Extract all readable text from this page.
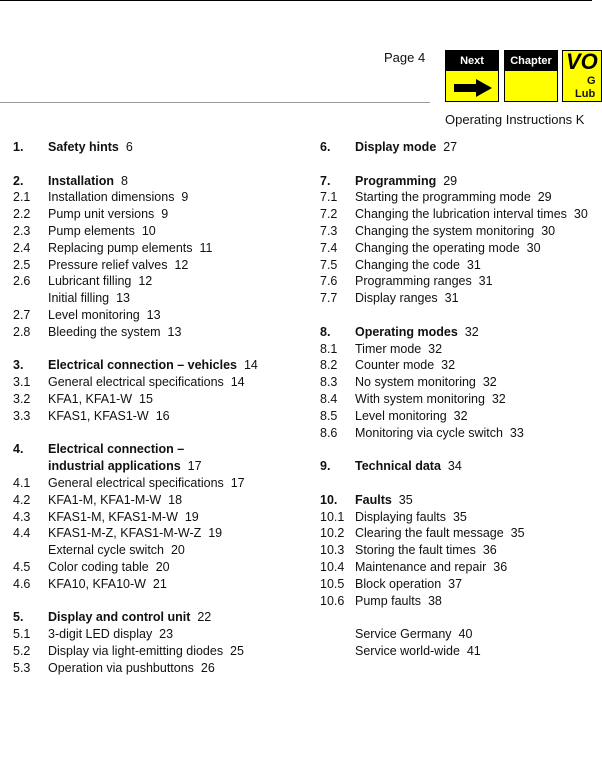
Page 4	Next	Chapter VO
G
Lub
Operating Instructions K
1. Safety hints 6
2. Installation 8
2.1 Installation dimensions 9
2.2 Pump unit versions 9
2.3 Pump elements 10
2.4 Replacing pump elements 11
2.5 Pressure relief valves 12
2.6 Lubricant filling 12
Initial filling 13
2.7 Level monitoring 13
2.8 Bleeding the system 13
3. Electrical connection – vehicles 14
3.1 General electrical specifications 14
3.2 KFA1, KFA1-W 15
3.3 KFAS1, KFAS1-W 16
4. Electrical connection –
industrial applications 17
4.1 General electrical specifications 17
4.2 KFA1-M, KFA1-M-W 18
4.3 KFAS1-M, KFAS1-M-W 19
4.4 KFAS1-M-Z, KFAS1-M-W-Z 19
External cycle switch 20
4.5 Color coding table 20
4.6 KFA10, KFA10-W 21
5. Display and control unit 22
5.1 3-digit LED display 23
5.2 Display via light-emitting diodes 25
5.3 Operation via pushbuttons 26
6. Display mode 27
7. Programming 29
7.1 Starting the programming mode 29
7.2 Changing the lubrication interval times 30
7.3 Changing the system monitoring 30
7.4 Changing the operating mode 30
7.5 Changing the code 31
7.6 Programming ranges 31
7.7 Display ranges 31
8. Operating modes 32
8.1 Timer mode 32
8.2 Counter mode 32
8.3 No system monitoring 32
8.4 With system monitoring 32
8.5 Level monitoring 32
8.6 Monitoring via cycle switch 33
9. Technical data 34
10. Faults 35
10.1 Displaying faults 35
10.2 Clearing the fault message 35
10.3 Storing the fault times 36
10.4 Maintenance and repair 36
10.5 Block operation 37
10.6 Pump faults 38
Service Germany 40
Service world-wide 41
